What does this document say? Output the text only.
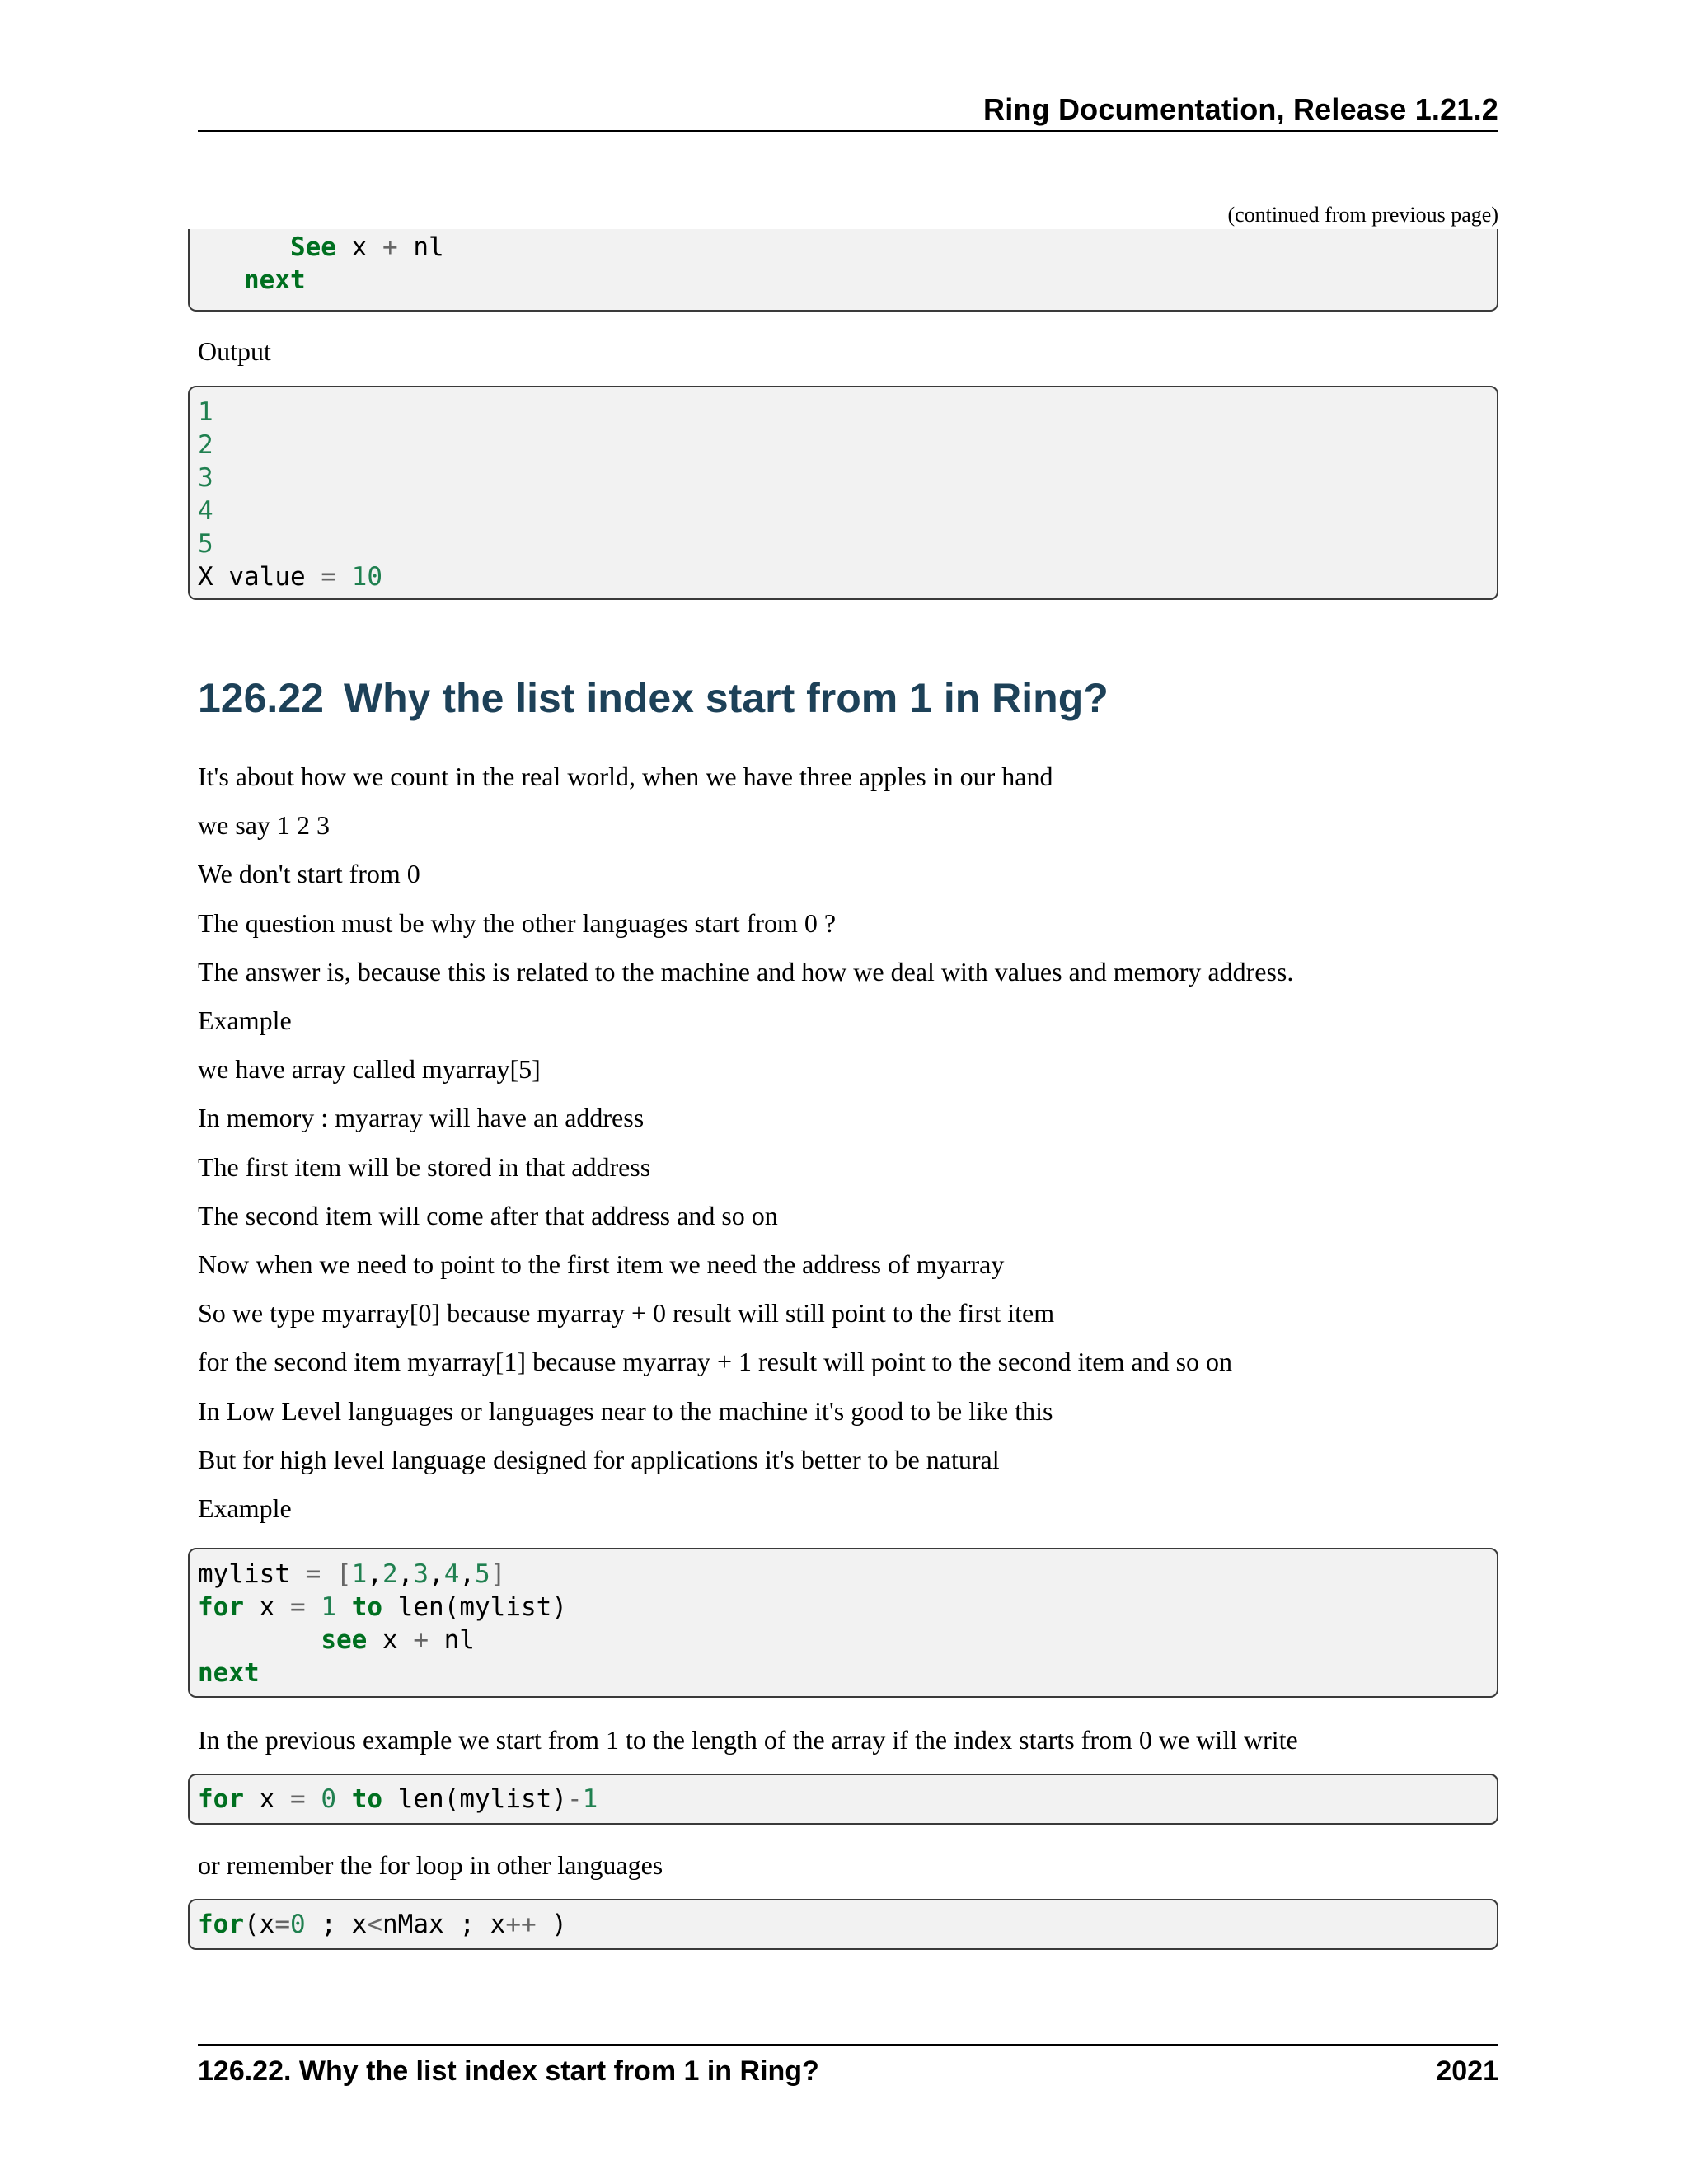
Ring Documentation, Release 1.21.2
(continued from previous page)
See x + nl
next
Output
1
2
3
4
5
X value = 10
126.22 Why the list index start from 1 in Ring?
It's about how we count in the real world, when we have three apples in our hand
we say 1 2 3
We don't start from 0
The question must be why the other languages start from 0 ?
The answer is, because this is related to the machine and how we deal with values and memory address.
Example
we have array called myarray[5]
In memory : myarray will have an address
The first item will be stored in that address
The second item will come after that address and so on
Now when we need to point to the first item we need the address of myarray
So we type myarray[0] because myarray + 0 result will still point to the first item
for the second item myarray[1] because myarray + 1 result will point to the second item and so on
In Low Level languages or languages near to the machine it's good to be like this
But for high level language designed for applications it's better to be natural
Example
mylist = [1,2,3,4,5]
for x = 1 to len(mylist)
see x + nl
next
In the previous example we start from 1 to the length of the array if the index starts from 0 we will write
for x = 0 to len(mylist)-1
or remember the for loop in other languages
for(x=0 ; x<nMax ; x++ )
126.22. Why the list index start from 1 in Ring?	2021
